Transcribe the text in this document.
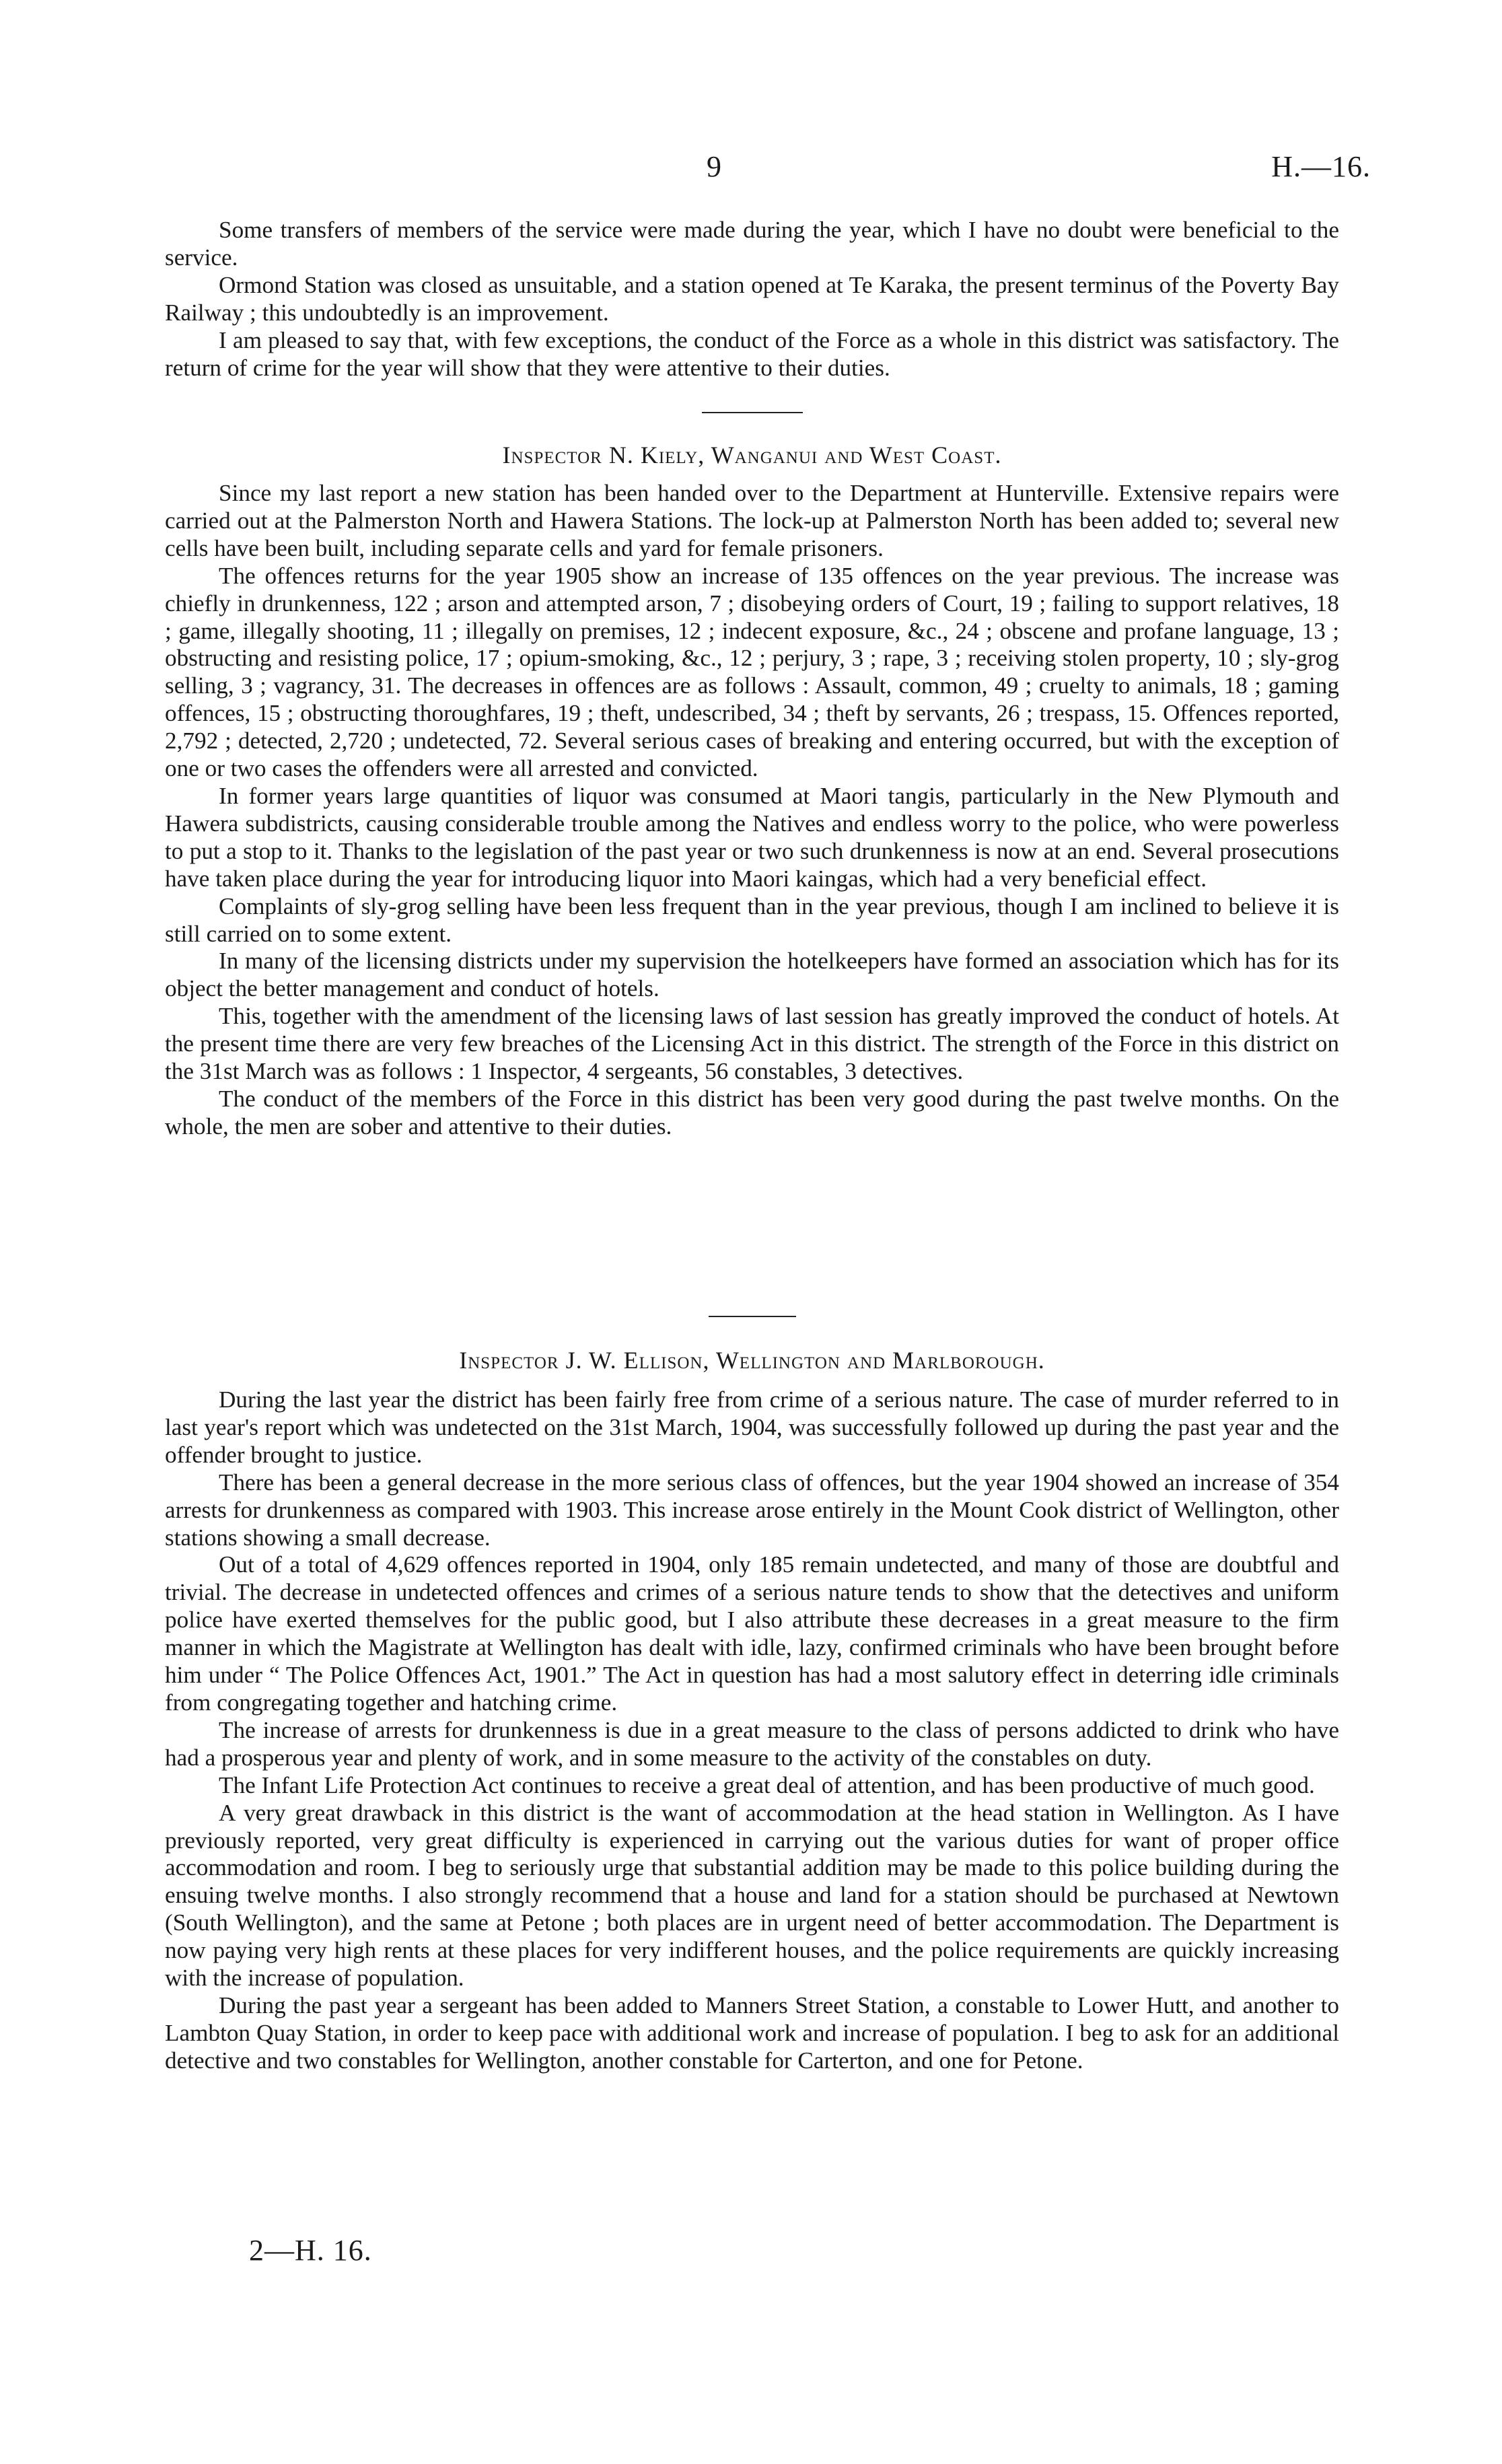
9	H.—16.

Some transfers of members of the service were made during the year, which I have no doubt were beneficial to the service.

Ormond Station was closed as unsuitable, and a station opened at Te Karaka, the present terminus of the Poverty Bay Railway ; this undoubtedly is an improvement.

I am pleased to say that, with few exceptions, the conduct of the Force as a whole in this district was satisfactory. The return of crime for the year will show that they were attentive to their duties.

Inspector N. Kiely, Wanganui and West Coast.

Since my last report a new station has been handed over to the Department at Hunterville. Extensive repairs were carried out at the Palmerston North and Hawera Stations. The lock-up at Palmerston North has been added to; several new cells have been built, including separate cells and yard for female prisoners.

The offences returns for the year 1905 show an increase of 135 offences on the year previous. The increase was chiefly in drunkenness, 122 ; arson and attempted arson, 7 ; disobeying orders of Court, 19 ; failing to support relatives, 18 ; game, illegally shooting, 11 ; illegally on premises, 12 ; indecent exposure, &c., 24 ; obscene and profane language, 13 ; obstructing and resisting police, 17 ; opium-smoking, &c., 12 ; perjury, 3 ; rape, 3 ; receiving stolen property, 10 ; sly-grog selling, 3 ; vagrancy, 31. The decreases in offences are as follows : Assault, common, 49 ; cruelty to animals, 18 ; gaming offences, 15 ; obstructing thoroughfares, 19 ; theft, undescribed, 34 ; theft by servants, 26 ; trespass, 15. Offences reported, 2,792 ; detected, 2,720 ; undetected, 72. Several serious cases of breaking and entering occurred, but with the exception of one or two cases the offenders were all arrested and convicted.

In former years large quantities of liquor was consumed at Maori tangis, particularly in the New Plymouth and Hawera subdistricts, causing considerable trouble among the Natives and endless worry to the police, who were powerless to put a stop to it. Thanks to the legislation of the past year or two such drunkenness is now at an end. Several prosecutions have taken place during the year for introducing liquor into Maori kaingas, which had a very beneficial effect.

Complaints of sly-grog selling have been less frequent than in the year previous, though I am inclined to believe it is still carried on to some extent.

In many of the licensing districts under my supervision the hotelkeepers have formed an association which has for its object the better management and conduct of hotels.

This, together with the amendment of the licensing laws of last session has greatly improved the conduct of hotels. At the present time there are very few breaches of the Licensing Act in this district. The strength of the Force in this district on the 31st March was as follows : 1 Inspector, 4 sergeants, 56 constables, 3 detectives.

The conduct of the members of the Force in this district has been very good during the past twelve months. On the whole, the men are sober and attentive to their duties.

Inspector J. W. Ellison, Wellington and Marlborough.

During the last year the district has been fairly free from crime of a serious nature. The case of murder referred to in last year's report which was undetected on the 31st March, 1904, was successfully followed up during the past year and the offender brought to justice.

There has been a general decrease in the more serious class of offences, but the year 1904 showed an increase of 354 arrests for drunkenness as compared with 1903. This increase arose entirely in the Mount Cook district of Wellington, other stations showing a small decrease.

Out of a total of 4,629 offences reported in 1904, only 185 remain undetected, and many of those are doubtful and trivial. The decrease in undetected offences and crimes of a serious nature tends to show that the detectives and uniform police have exerted themselves for the public good, but I also attribute these decreases in a great measure to the firm manner in which the Magistrate at Wellington has dealt with idle, lazy, confirmed criminals who have been brought before him under “ The Police Offences Act, 1901.” The Act in question has had a most salutory effect in deterring idle criminals from congregating together and hatching crime.

The increase of arrests for drunkenness is due in a great measure to the class of persons addicted to drink who have had a prosperous year and plenty of work, and in some measure to the activity of the constables on duty.

The Infant Life Protection Act continues to receive a great deal of attention, and has been productive of much good.

A very great drawback in this district is the want of accommodation at the head station in Wellington. As I have previously reported, very great difficulty is experienced in carrying out the various duties for want of proper office accommodation and room. I beg to seriously urge that substantial addition may be made to this police building during the ensuing twelve months. I also strongly recommend that a house and land for a station should be purchased at Newtown (South Wellington), and the same at Petone ; both places are in urgent need of better accommodation. The Department is now paying very high rents at these places for very indifferent houses, and the police requirements are quickly increasing with the increase of population.

During the past year a sergeant has been added to Manners Street Station, a constable to Lower Hutt, and another to Lambton Quay Station, in order to keep pace with additional work and increase of population. I beg to ask for an additional detective and two constables for Wellington, another constable for Carterton, and one for Petone.

2—H. 16.
